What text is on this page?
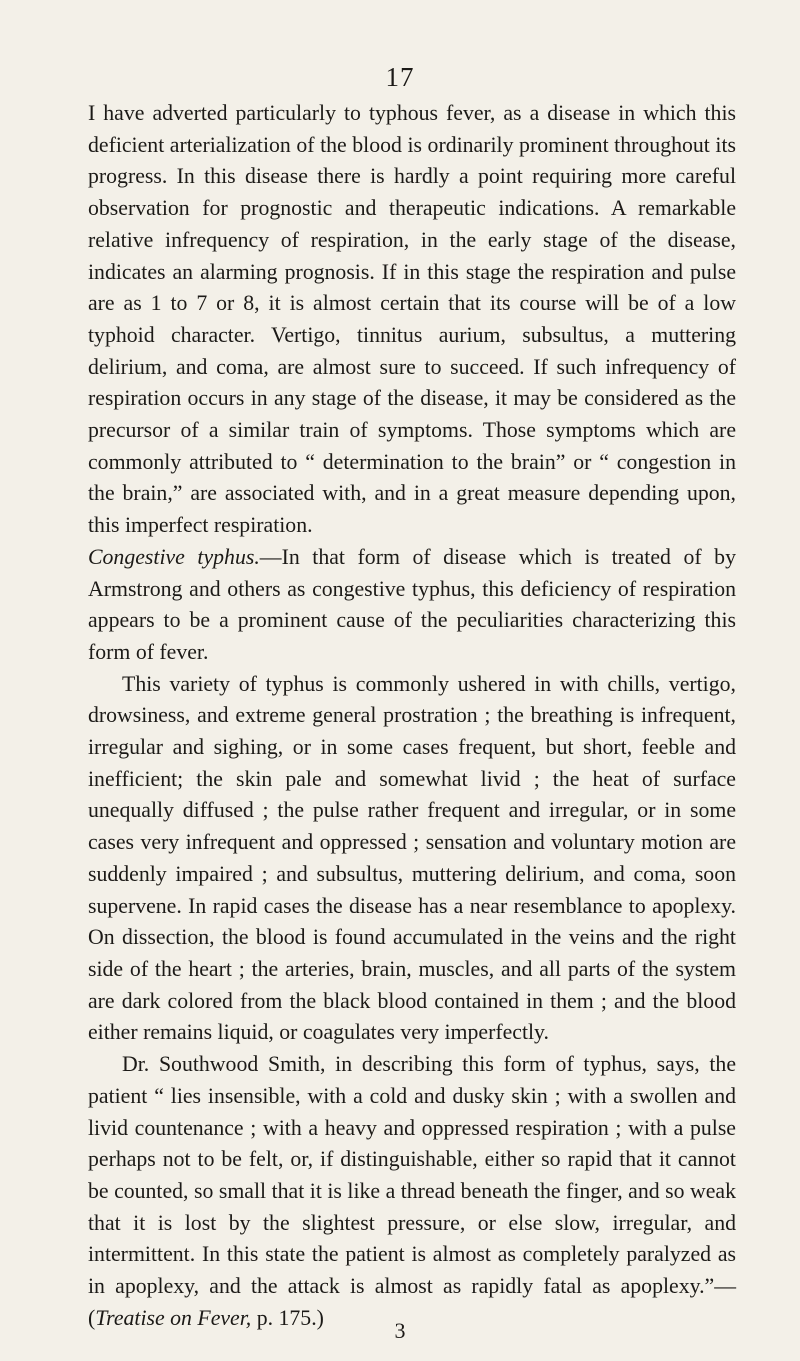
17

I have adverted particularly to typhous fever, as a disease in which this deficient arterialization of the blood is ordinarily prominent throughout its progress. In this disease there is hardly a point requiring more careful observation for prognostic and therapeutic indications. A remarkable relative infrequency of respiration, in the early stage of the disease, indicates an alarming prognosis. If in this stage the respiration and pulse are as 1 to 7 or 8, it is almost certain that its course will be of a low typhoid character. Vertigo, tinnitus aurium, subsultus, a muttering delirium, and coma, are almost sure to succeed. If such infrequency of respiration occurs in any stage of the disease, it may be considered as the precursor of a similar train of symptoms. Those symptoms which are commonly attributed to “ determination to the brain” or “ congestion in the brain,” are associated with, and in a great measure depending upon, this imperfect respiration.

Congestive typhus.—In that form of disease which is treated of by Armstrong and others as congestive typhus, this deficiency of respiration appears to be a prominent cause of the peculiarities characterizing this form of fever.

This variety of typhus is commonly ushered in with chills, vertigo, drowsiness, and extreme general prostration ; the breathing is infrequent, irregular and sighing, or in some cases frequent, but short, feeble and inefficient; the skin pale and somewhat livid ; the heat of surface unequally diffused ; the pulse rather frequent and irregular, or in some cases very infrequent and oppressed ; sensation and voluntary motion are suddenly impaired ; and subsultus, muttering delirium, and coma, soon supervene. In rapid cases the disease has a near resemblance to apoplexy. On dissection, the blood is found accumulated in the veins and the right side of the heart ; the arteries, brain, muscles, and all parts of the system are dark colored from the black blood contained in them ; and the blood either remains liquid, or coagulates very imperfectly.

Dr. Southwood Smith, in describing this form of typhus, says, the patient “ lies insensible, with a cold and dusky skin ; with a swollen and livid countenance ; with a heavy and oppressed respiration ; with a pulse perhaps not to be felt, or, if distinguishable, either so rapid that it cannot be counted, so small that it is like a thread beneath the finger, and so weak that it is lost by the slightest pressure, or else slow, irregular, and intermittent. In this state the patient is almost as completely paralyzed as in apoplexy, and the attack is almost as rapidly fatal as apoplexy.”—(Treatise on Fever, p. 175.)

3
